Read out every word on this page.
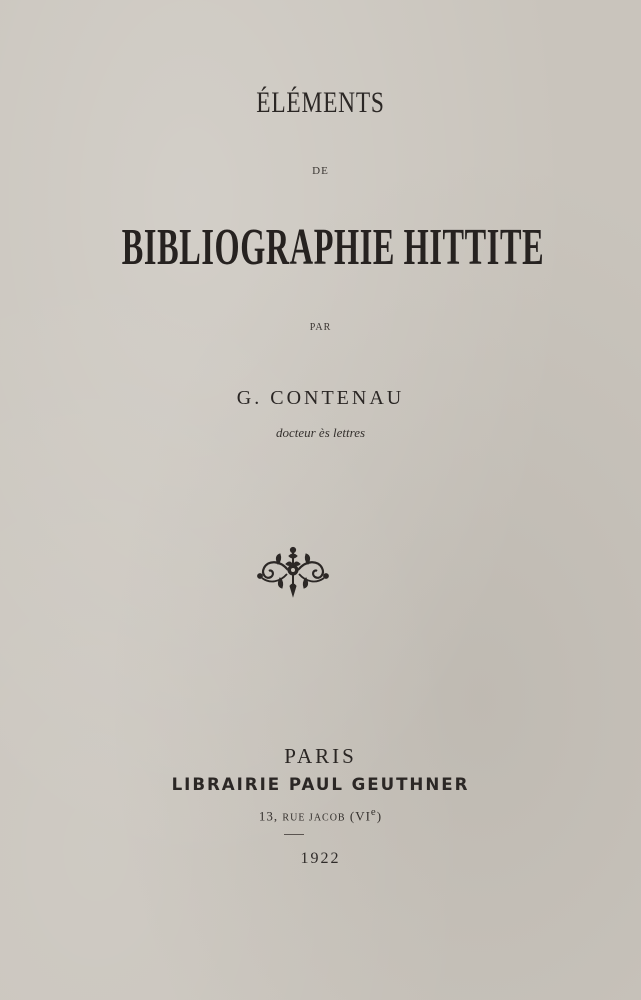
ÉLÉMENTS
DE
BIBLIOGRAPHIE HITTITE
PAR
G. CONTENAU
docteur ès lettres
PARIS
LIBRAIRIE PAUL GEUTHNER
13, RUE JACOB (VIe)
1922
